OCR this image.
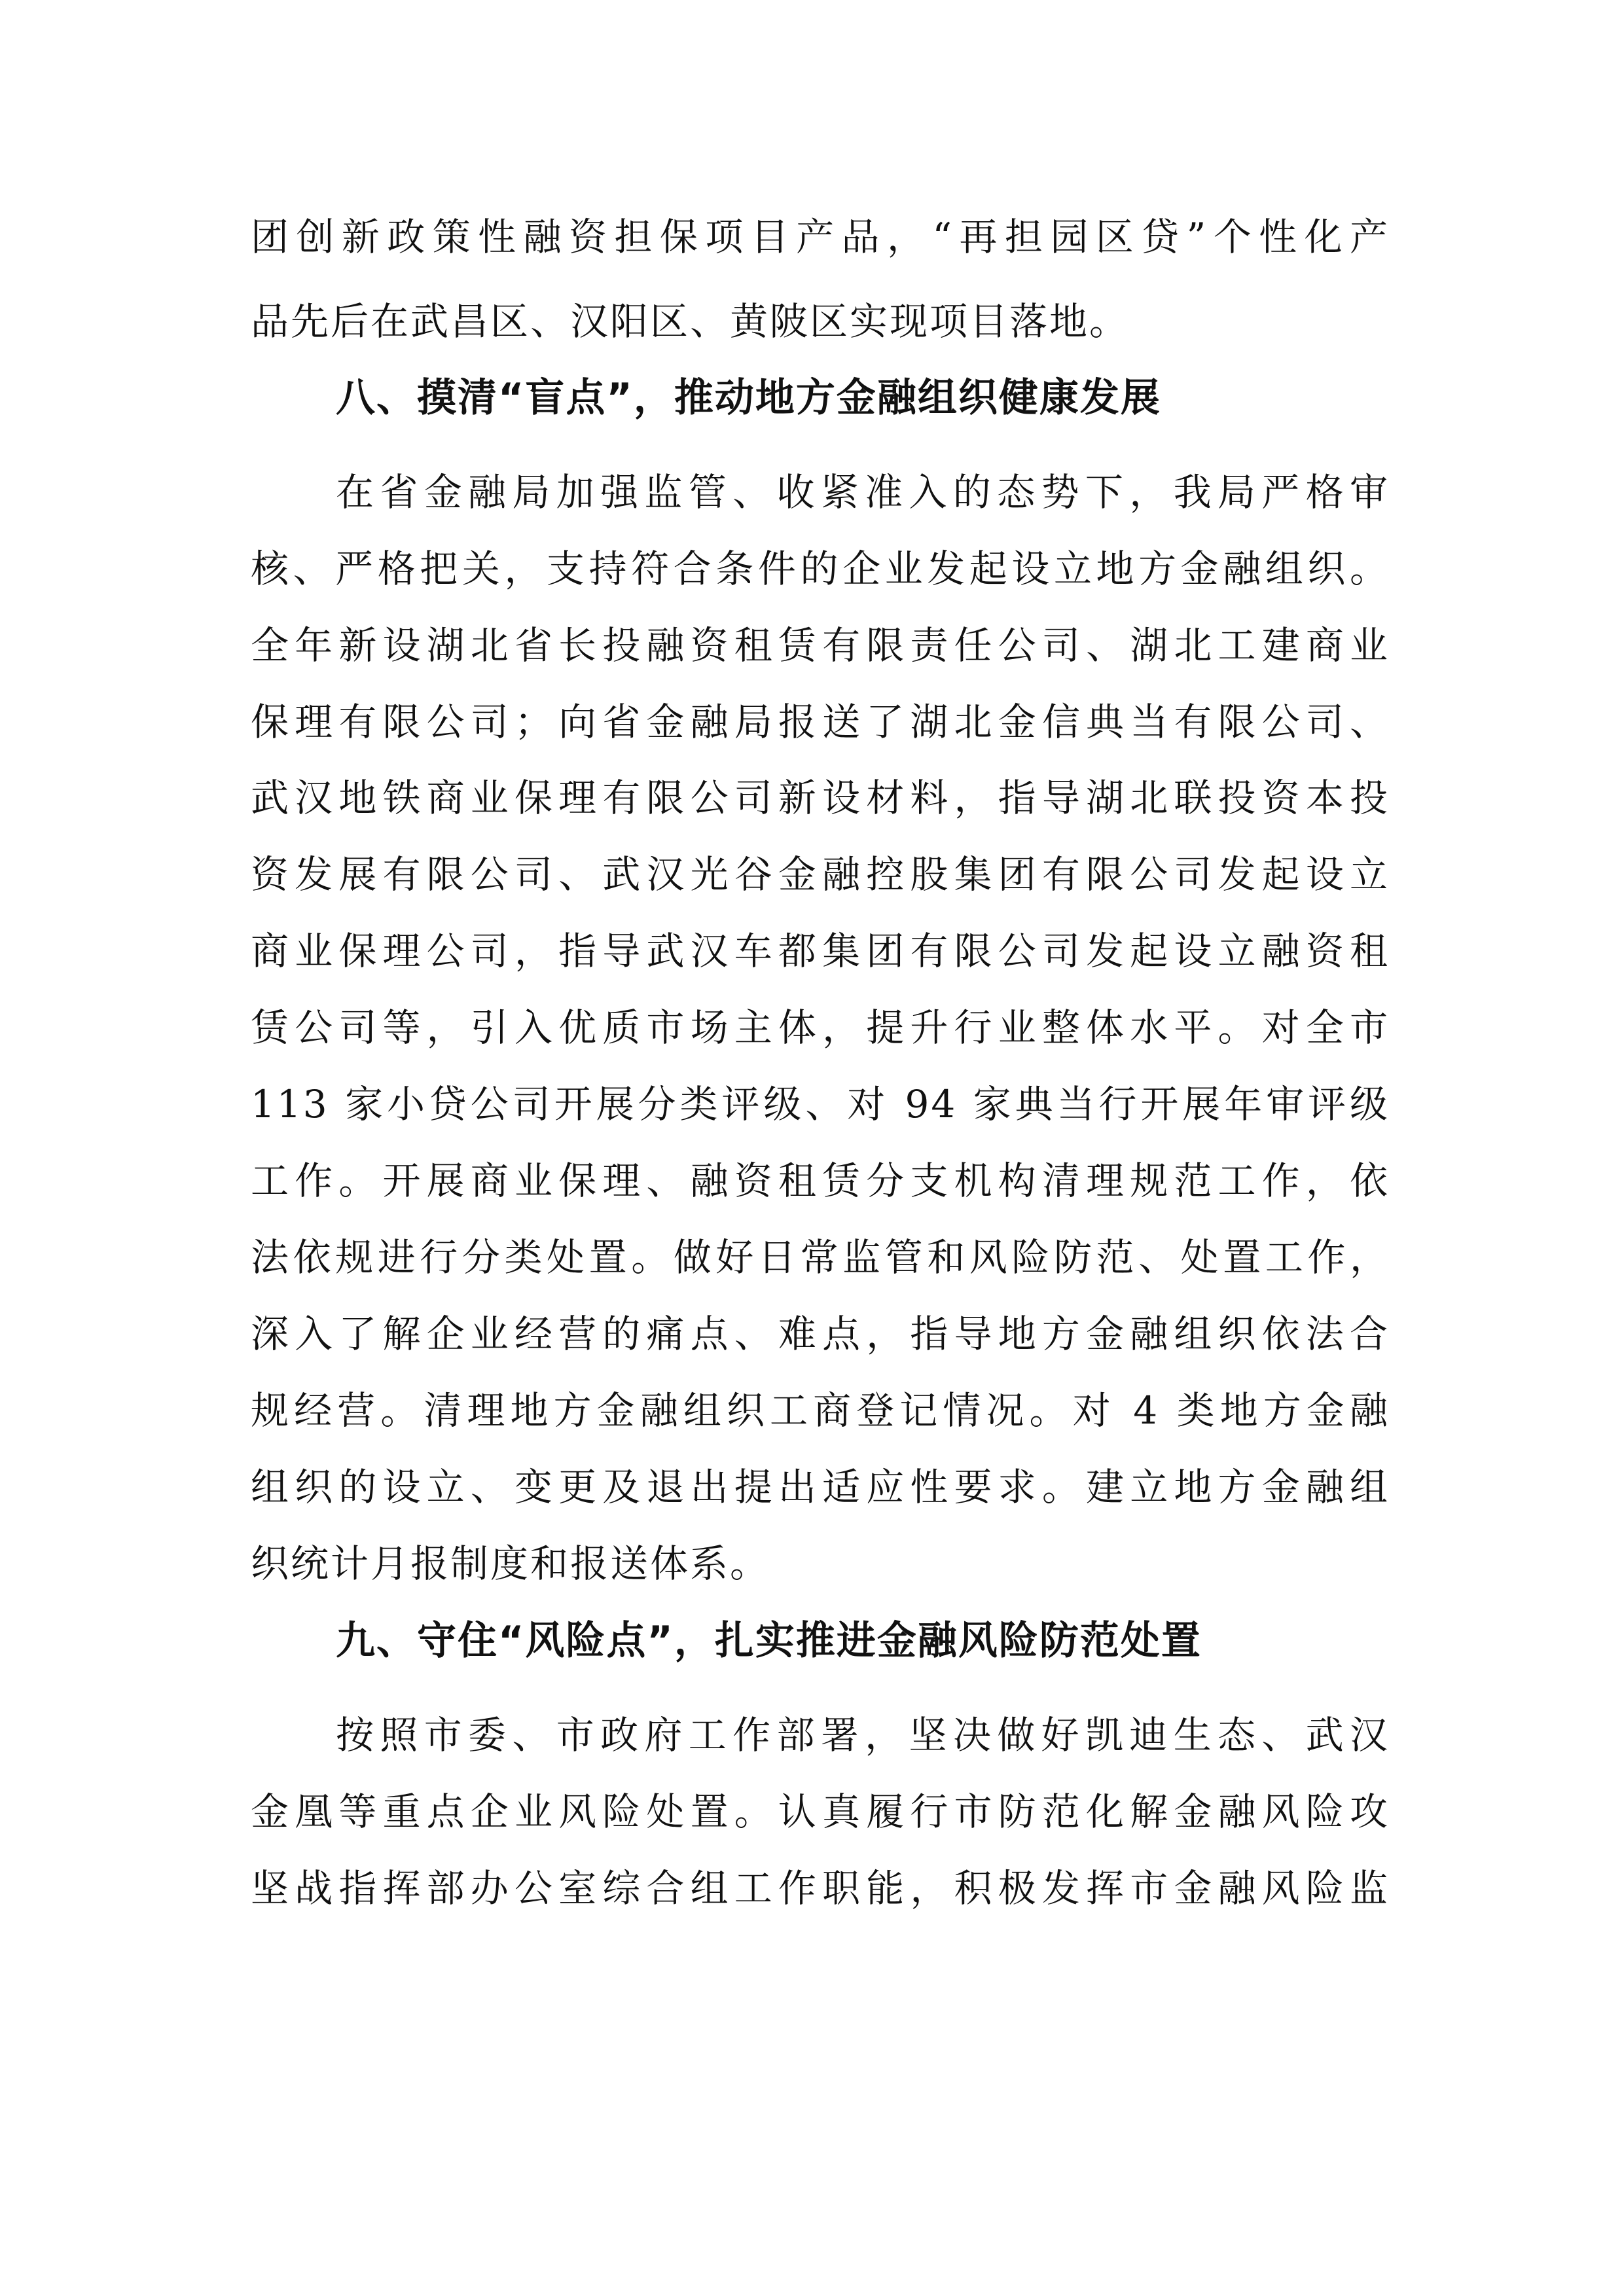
团创新政策性融资担保项目产品，“再担园区贷”个性化产
品先后在武昌区、汉阳区、黄陂区实现项目落地。
八、摸清“盲点”，推动地方金融组织健康发展
在省金融局加强监管、收紧准入的态势下，我局严格审
核、严格把关，支持符合条件的企业发起设立地方金融组织。
全年新设湖北省长投融资租赁有限责任公司、湖北工建商业
保理有限公司；向省金融局报送了湖北金信典当有限公司、
武汉地铁商业保理有限公司新设材料，指导湖北联投资本投
资发展有限公司、武汉光谷金融控股集团有限公司发起设立
商业保理公司，指导武汉车都集团有限公司发起设立融资租
赁公司等，引入优质市场主体，提升行业整体水平。对全市
113 家小贷公司开展分类评级、对 94 家典当行开展年审评级
工作。开展商业保理、融资租赁分支机构清理规范工作，依
法依规进行分类处置。做好日常监管和风险防范、处置工作，
深入了解企业经营的痛点、难点，指导地方金融组织依法合
规经营。清理地方金融组织工商登记情况。对 4 类地方金融
组织的设立、变更及退出提出适应性要求。建立地方金融组
织统计月报制度和报送体系。
九、守住“风险点”，扎实推进金融风险防范处置
按照市委、市政府工作部署，坚决做好凯迪生态、武汉
金凰等重点企业风险处置。认真履行市防范化解金融风险攻
坚战指挥部办公室综合组工作职能，积极发挥市金融风险监
